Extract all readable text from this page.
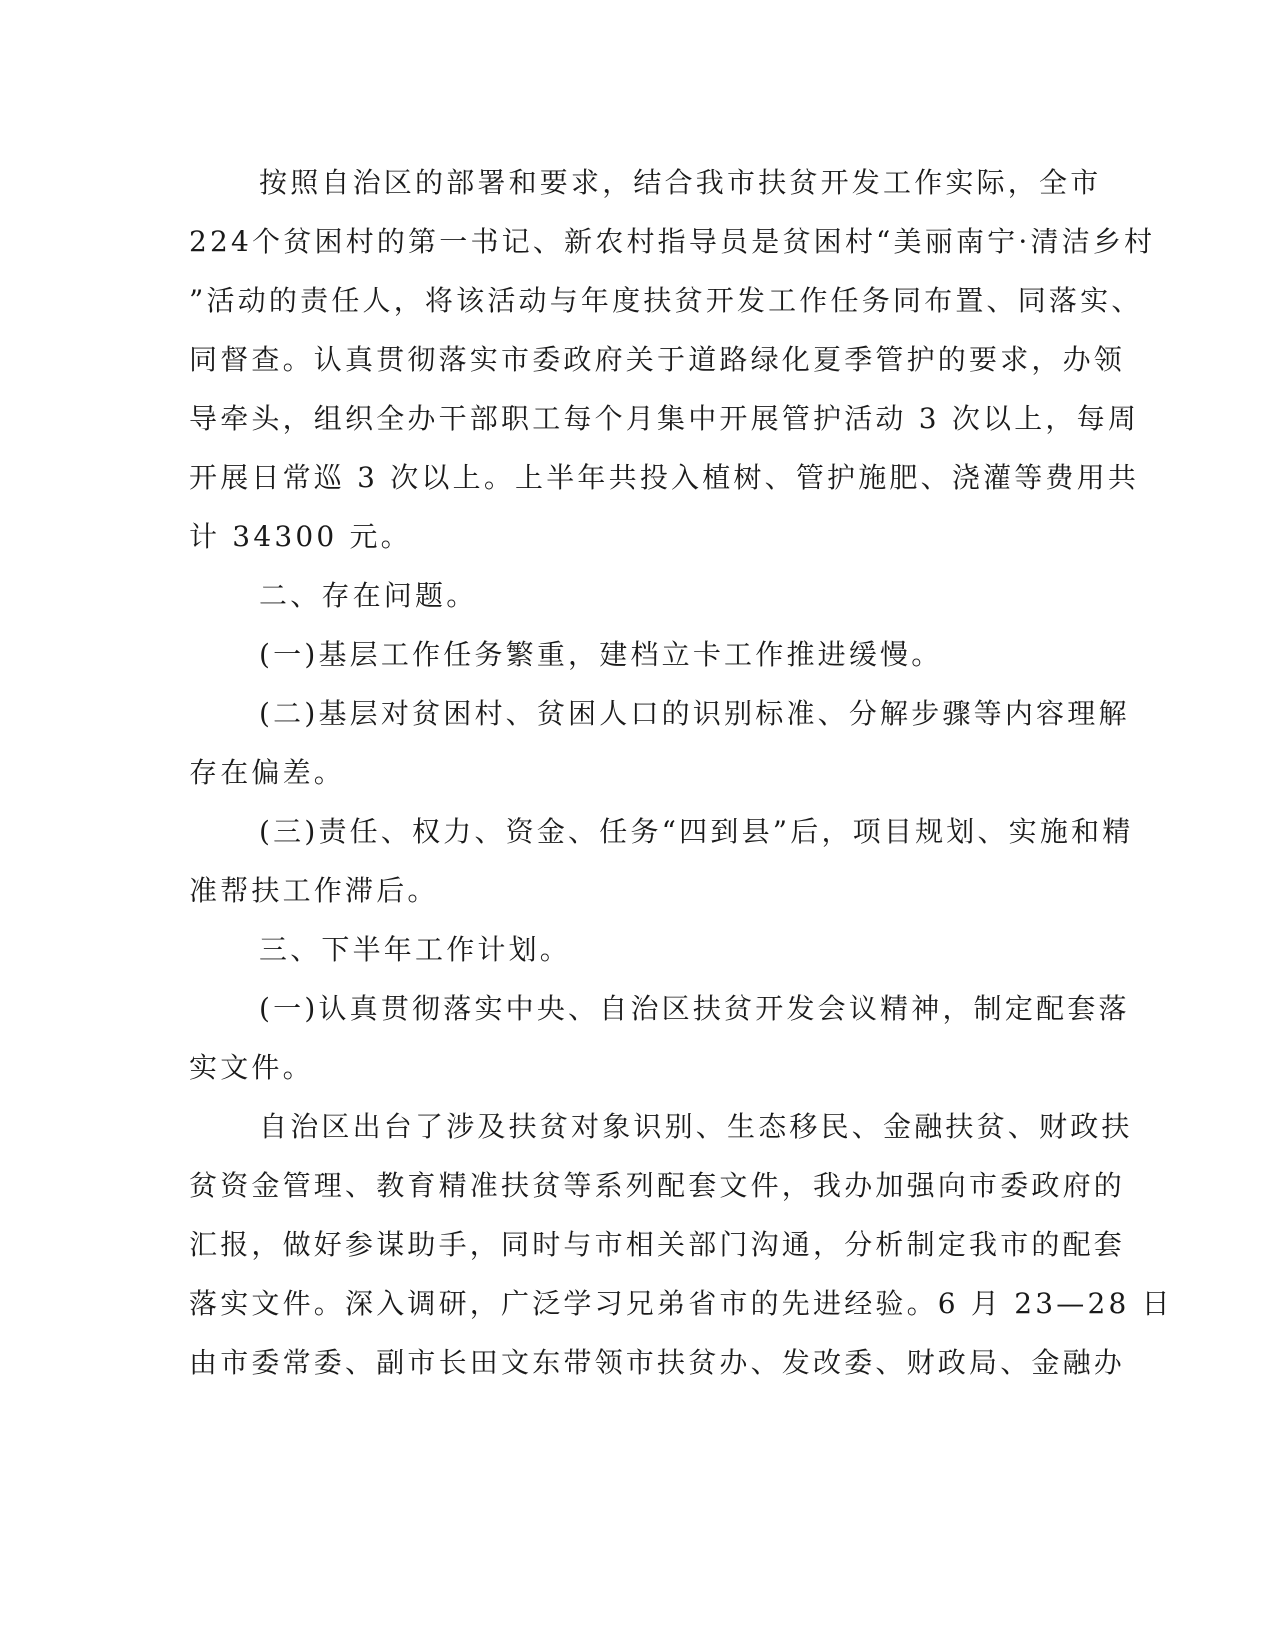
按照自治区的部署和要求，结合我市扶贫开发工作实际，全市
224个贫困村的第一书记、新农村指导员是贫困村“美丽南宁·清洁乡村
”活动的责任人，将该活动与年度扶贫开发工作任务同布置、同落实、
同督查。认真贯彻落实市委政府关于道路绿化夏季管护的要求，办领
导牵头，组织全办干部职工每个月集中开展管护活动 3 次以上，每周
开展日常巡 3 次以上。上半年共投入植树、管护施肥、浇灌等费用共
计 34300 元。
二、存在问题。
(一)基层工作任务繁重，建档立卡工作推进缓慢。
(二)基层对贫困村、贫困人口的识别标准、分解步骤等内容理解
存在偏差。
(三)责任、权力、资金、任务“四到县”后，项目规划、实施和精
准帮扶工作滞后。
三、下半年工作计划。
(一)认真贯彻落实中央、自治区扶贫开发会议精神，制定配套落
实文件。
自治区出台了涉及扶贫对象识别、生态移民、金融扶贫、财政扶
贫资金管理、教育精准扶贫等系列配套文件，我办加强向市委政府的
汇报，做好参谋助手，同时与市相关部门沟通，分析制定我市的配套
落实文件。深入调研，广泛学习兄弟省市的先进经验。6 月 23—28 日
由市委常委、副市长田文东带领市扶贫办、发改委、财政局、金融办
